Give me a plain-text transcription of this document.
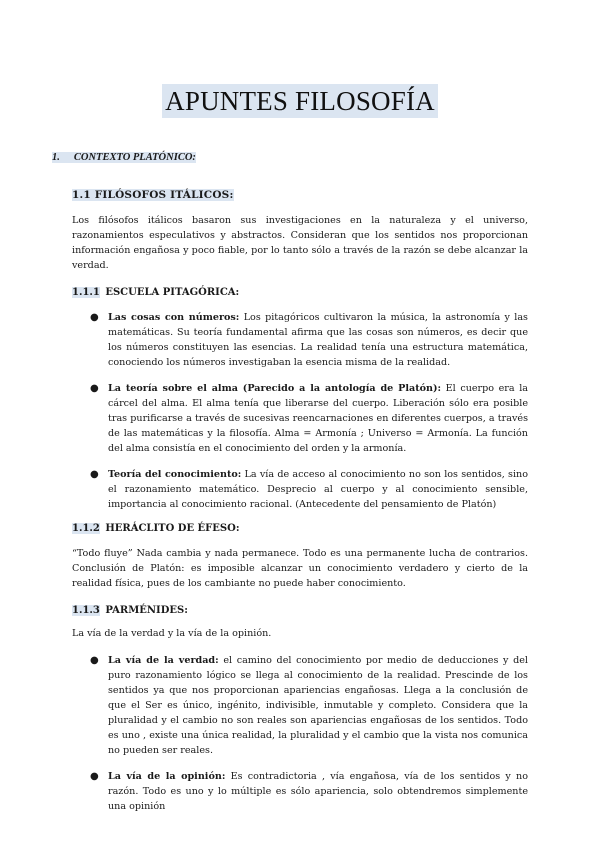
APUNTES FILOSOFÍA
1. CONTEXTO PLATÓNICO:
1.1 FILÓSOFOS ITÁLICOS:

Los filósofos itálicos basaron sus investigaciones en la naturaleza y el universo, razonamientos especulativos y abstractos. Consideran que los sentidos nos proporcionan información engañosa y poco fiable, por lo tanto sólo a través de la razón se debe alcanzar la verdad.

1.1.1 ESCUELA PITAGÓRICA:
● Las cosas con números: Los pitagóricos cultivaron la música, la astronomía y las matemáticas. Su teoría fundamental afirma que las cosas son números, es decir que los números constituyen las esencias. La realidad tenía una estructura matemática, conociendo los números investigaban la esencia misma de la realidad.
● La teoría sobre el alma (Parecido a la antología de Platón): El cuerpo era la cárcel del alma. El alma tenía que liberarse del cuerpo. Liberación sólo era posible tras purificarse a través de sucesivas reencarnaciones en diferentes cuerpos, a través de las matemáticas y la filosofía. Alma = Armonía ; Universo = Armonía. La función del alma consistía en el conocimiento del orden y la armonía.
● Teoría del conocimiento: La vía de acceso al conocimiento no son los sentidos, sino el razonamiento matemático. Desprecio al cuerpo y al conocimiento sensible, importancia al conocimiento racional. (Antecedente del pensamiento de Platón)
1.1.2 HERÁCLITO DE ÉFESO:

“Todo fluye” Nada cambia y nada permanece. Todo es una permanente lucha de contrarios. Conclusión de Platón: es imposible alcanzar un conocimiento verdadero y cierto de la realidad física, pues de los cambiante no puede haber conocimiento.

1.1.3 PARMÉNIDES:

La vía de la verdad y la vía de la opinión.

● La vía de la verdad: el camino del conocimiento por medio de deducciones y del puro razonamiento lógico se llega al conocimiento de la realidad. Prescinde de los sentidos ya que nos proporcionan apariencias engañosas. Llega a la conclusión de que el Ser es único, ingénito, indivisible, inmutable y completo. Considera que la pluralidad y el cambio no son reales son apariencias engañosas de los sentidos. Todo es uno , existe una única realidad, la pluralidad y el cambio que la vista nos comunica no pueden ser reales.
● La vía de la opinión: Es contradictoria , vía engañosa, vía de los sentidos y no razón. Todo es uno y lo múltiple es sólo apariencia, solo obtendremos simplemente una opinión
